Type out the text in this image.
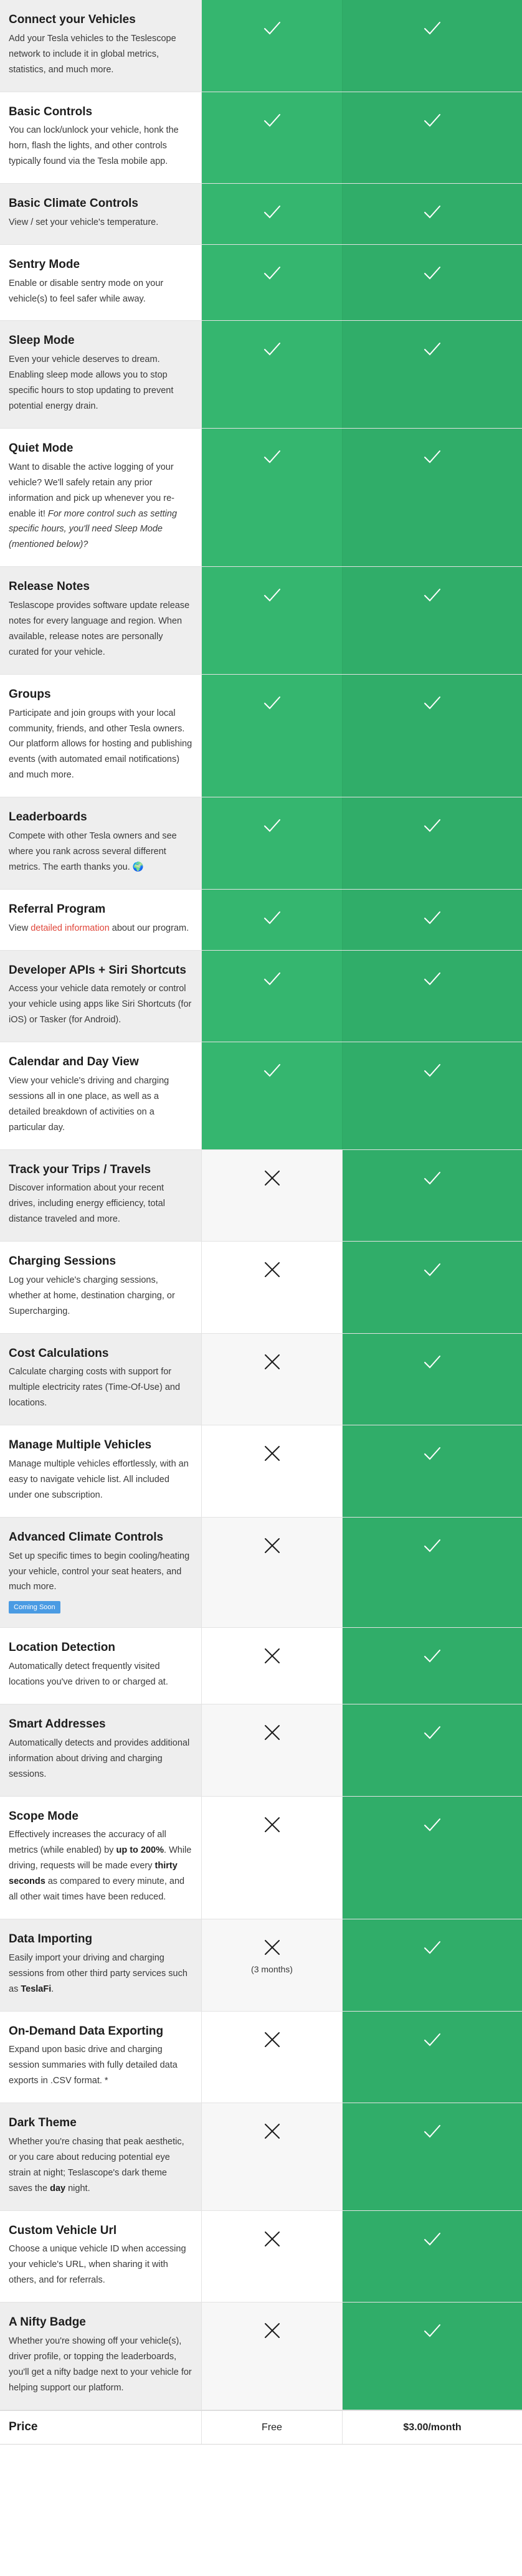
Connect your Vehicles

Add your Tesla vehicles to the Teslescope network to include it in global metrics, statistics, and much more.

Basic Controls

You can lock/unlock your vehicle, honk the horn, flash the lights, and other controls typically found via the Tesla mobile app.

Basic Climate Controls

View / set your vehicle's temperature.

Sentry Mode

Enable or disable sentry mode on your vehicle(s) to feel safer while away.

Sleep Mode

Even your vehicle deserves to dream. Enabling sleep mode allows you to stop specific hours to stop updating to prevent potential energy drain.

Quiet Mode

Want to disable the active logging of your vehicle? We'll safely retain any prior information and pick up whenever you re-enable it! For more control such as setting specific hours, you'll need Sleep Mode (mentioned below)?

Release Notes

Teslascope provides software update release notes for every language and region. When available, release notes are personally curated for your vehicle.

Groups

Participate and join groups with your local community, friends, and other Tesla owners. Our platform allows for hosting and publishing events (with automated email notifications) and much more.

Leaderboards

Compete with other Tesla owners and see where you rank across several different metrics. The earth thanks you. 🌍

Referral Program

View detailed information about our program.

Developer APIs + Siri Shortcuts

Access your vehicle data remotely or control your vehicle using apps like Siri Shortcuts (for iOS) or Tasker (for Android).

Calendar and Day View

View your vehicle's driving and charging sessions all in one place, as well as a detailed breakdown of activities on a particular day.

Track your Trips / Travels

Discover information about your recent drives, including energy efficiency, total distance traveled and more.

Charging Sessions

Log your vehicle's charging sessions, whether at home, destination charging, or Supercharging.

Cost Calculations

Calculate charging costs with support for multiple electricity rates (Time-Of-Use) and locations.

Manage Multiple Vehicles

Manage multiple vehicles effortlessly, with an easy to navigate vehicle list. All included under one subscription.

Advanced Climate Controls

Set up specific times to begin cooling/heating your vehicle, control your seat heaters, and much more.

Coming Soon
Location Detection

Automatically detect frequently visited locations you've driven to or charged at.

Smart Addresses

Automatically detects and provides additional information about driving and charging sessions.

Scope Mode

Effectively increases the accuracy of all metrics (while enabled) by up to 200%. While driving, requests will be made every thirty seconds as compared to every minute, and all other wait times have been reduced.

Data Importing

Easily import your driving and charging sessions from other third party services such as TeslaFi.

(3 months)
On-Demand Data Exporting

Expand upon basic drive and charging session summaries with fully detailed data exports in .CSV format. *

Dark Theme

Whether you're chasing that peak aesthetic, or you care about reducing potential eye strain at night; Teslascope's dark theme saves the day night.

Custom Vehicle Url

Choose a unique vehicle ID when accessing your vehicle's URL, when sharing it with others, and for referrals.

A Nifty Badge

Whether you're showing off your vehicle(s), driver profile, or topping the leaderboards, you'll get a nifty badge next to your vehicle for helping support our platform.

Price	Free	$3.00/month
